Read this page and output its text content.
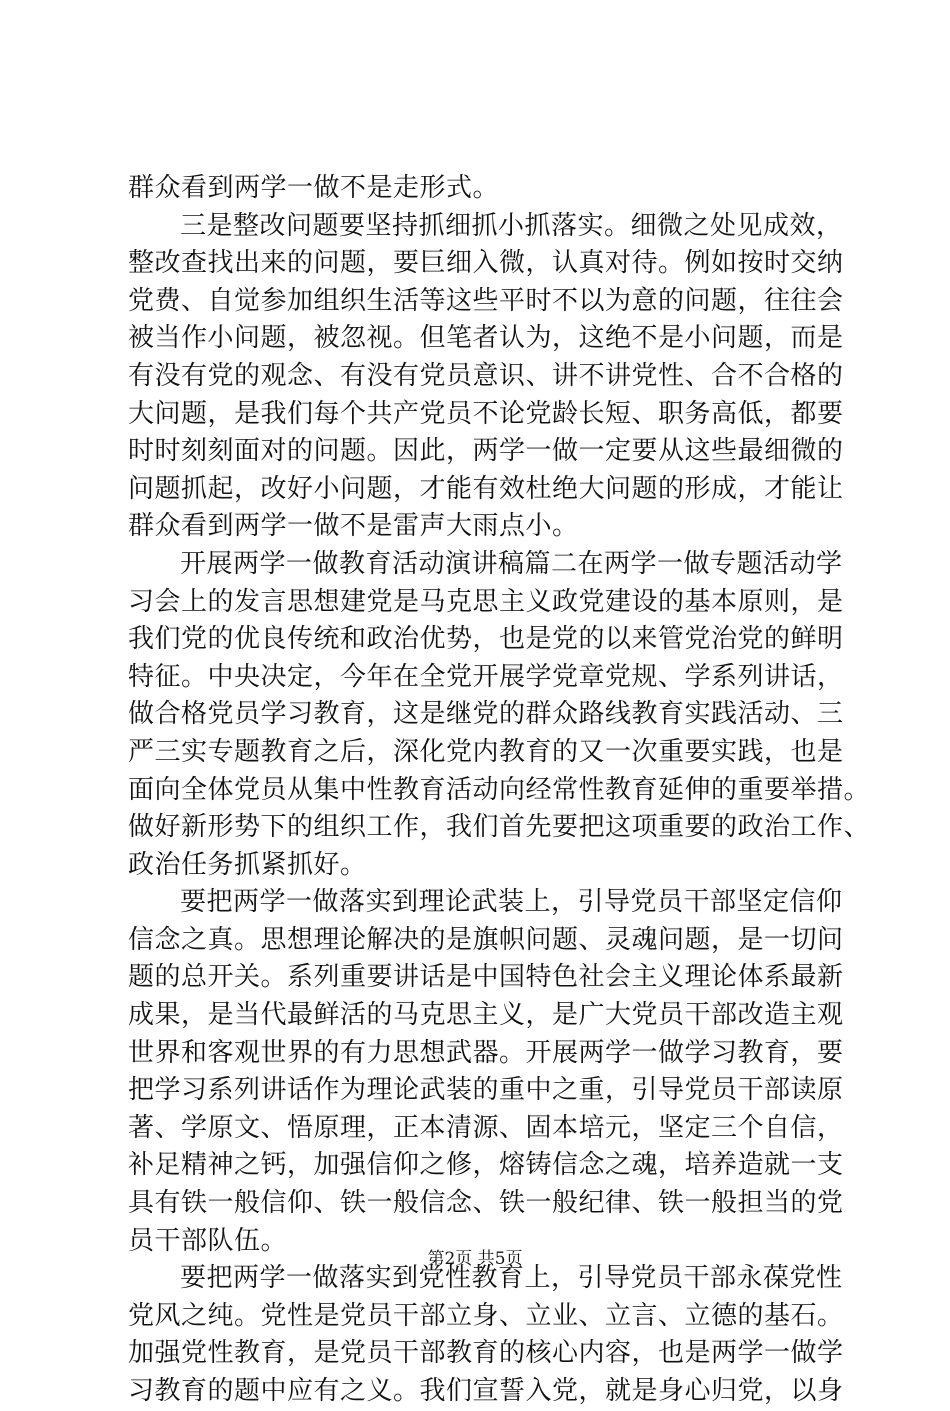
群众看到两学一做不是走形式。
三是整改问题要坚持抓细抓小抓落实。细微之处见成效，
整改查找出来的问题，要巨细入微，认真对待。例如按时交纳
党费、自觉参加组织生活等这些平时不以为意的问题，往往会
被当作小问题，被忽视。但笔者认为，这绝不是小问题，而是
有没有党的观念、有没有党员意识、讲不讲党性、合不合格的
大问题，是我们每个共产党员不论党龄长短、职务高低，都要
时时刻刻面对的问题。因此，两学一做一定要从这些最细微的
问题抓起，改好小问题，才能有效杜绝大问题的形成，才能让
群众看到两学一做不是雷声大雨点小。
开展两学一做教育活动演讲稿篇二在两学一做专题活动学
习会上的发言思想建党是马克思主义政党建设的基本原则，是
我们党的优良传统和政治优势，也是党的以来管党治党的鲜明
特征。中央决定，今年在全党开展学党章党规、学系列讲话，
做合格党员学习教育，这是继党的群众路线教育实践活动、三
严三实专题教育之后，深化党内教育的又一次重要实践，也是
面向全体党员从集中性教育活动向经常性教育延伸的重要举措。
做好新形势下的组织工作，我们首先要把这项重要的政治工作、
政治任务抓紧抓好。
要把两学一做落实到理论武装上，引导党员干部坚定信仰
信念之真。思想理论解决的是旗帜问题、灵魂问题，是一切问
题的总开关。系列重要讲话是中国特色社会主义理论体系最新
成果，是当代最鲜活的马克思主义，是广大党员干部改造主观
世界和客观世界的有力思想武器。开展两学一做学习教育，要
把学习系列讲话作为理论武装的重中之重，引导党员干部读原
著、学原文、悟原理，正本清源、固本培元，坚定三个自信，
补足精神之钙，加强信仰之修，熔铸信念之魂，培养造就一支
具有铁一般信仰、铁一般信念、铁一般纪律、铁一般担当的党
员干部队伍。
要把两学一做落实到党性教育上，引导党员干部永葆党性
党风之纯。党性是党员干部立身、立业、立言、立德的基石。
加强党性教育，是党员干部教育的核心内容，也是两学一做学
习教育的题中应有之义。我们宣誓入党，就是身心归党，以身
第2页 共5页
